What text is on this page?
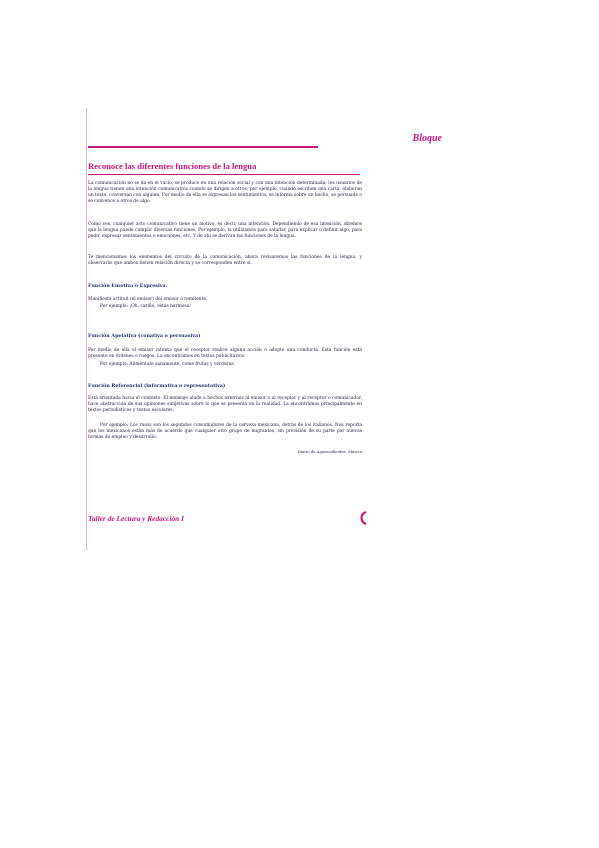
Bloque
Reconoce las diferentes funciones de la lengua
La comunicación no se da en el vacío, se produce en una relación social y con una intención determinada; los usuarios de la lengua tienen una intención comunicativa cuando se dirigen a otros; por ejemplo, cuando escriben una carta, elaboran un texto, conversan con alguien. Por medio de ella se expresan los sentimientos, se informa sobre un hecho, se persuade o se convence a otros de algo.
Como ves, cualquier acto comunicativo tiene un motivo, es decir, una intención. Dependiendo de esa intención, diremos que la lengua puede cumplir diversas funciones. Por ejemplo, la utilizamos para saludar, para explicar o definir algo, para pedir, expresar sentimientos o emociones, etc. Y de ahí se derivan las funciones de la lengua.
Te mencionamos los elementos del circuito de la comunicación, ahora revisaremos las funciones de la lengua, y observarás que ambos tienen relación directa y se corresponden entre sí.
Función Emotiva o Expresiva.
Manifiesta actitud (el emisor) del emisor o remitente.
Por ejemplo: ¡Oh, cariño, estás hermosa!
Función Apelativa (conativa o persuasiva)
Por medio de ella el emisor intenta que el receptor realice alguna acción o adopte una conducta. Esta función está presente en órdenes o ruegos. La encontramos en textos publicitarios.
Por ejemplo: Aliméntate sanamente, come frutas y verduras.
Función Referencial (informativa o representativa)
Está orientada hacia el contexto. El mensaje alude a hechos externos al emisor o al receptor y al receptor o comunicador, hace abstracción de sus opiniones subjetivas sobre lo que se presenta en la realidad. La encontramos principalmente en textos periodísticos y textos escolares.
Por ejemplo: Los rusos son los segundos consumidores de la cerveza mexicana, detrás de los italianos. Nos reporta que los mexicanos están más de acuerdo que cualquier otro grupo de migrantes, sin previsión de su parte por nuevas formas de empleo y desarrollo.
Diario de Aguascalientes, México
Taller de Lectura y Redacción I
